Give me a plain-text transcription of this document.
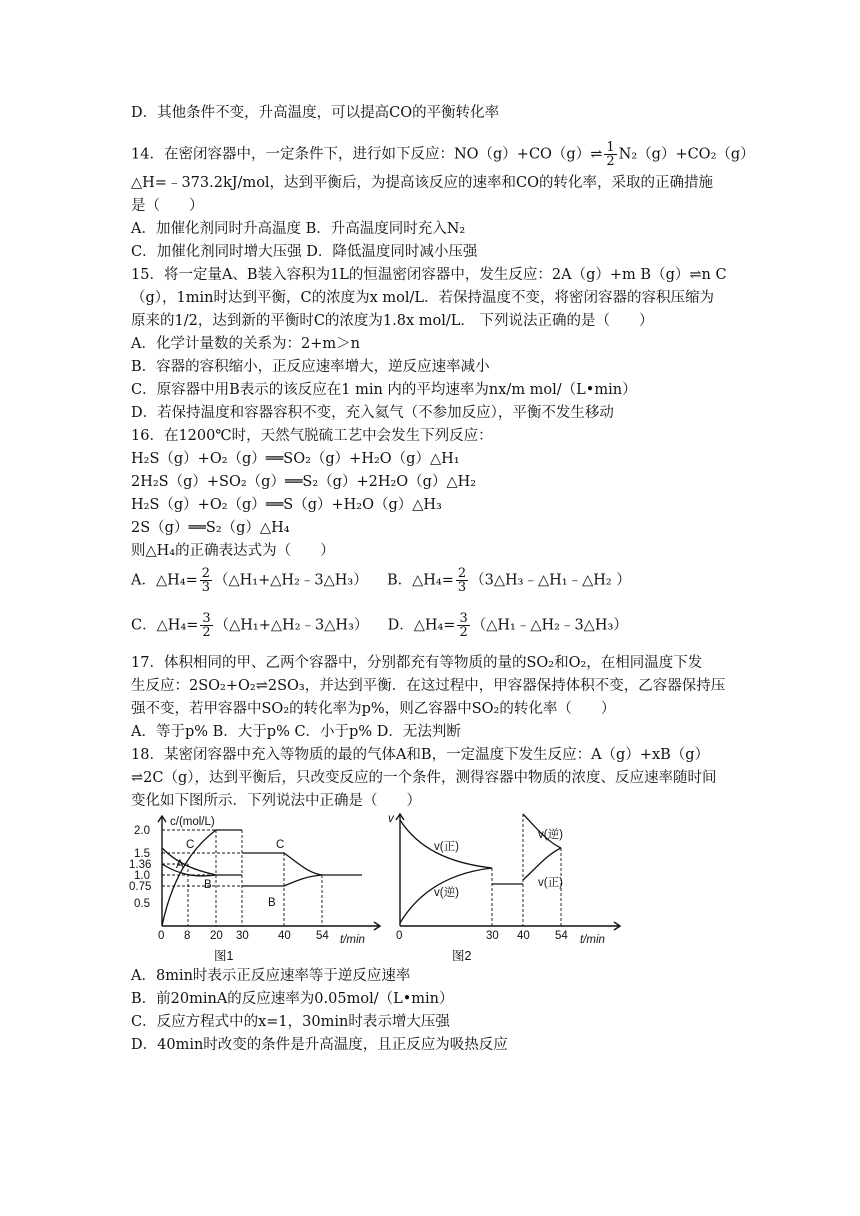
D．其他条件不变，升高温度，可以提高CO的平衡转化率
14．在密闭容器中，一定条件下，进行如下反应：NO（g）+CO（g）⇌ $\frac{1}{2} N_2(g)+CO_2(g)$
△H=﹣373.2kJ/mol，达到平衡后，为提高该反应的速率和CO的转化率，采取的正确措施
是（　　）
A．加催化剂同时升高温度 B．升高温度同时充入N₂
C．加催化剂同时增大压强 D．降低温度同时减小压强
15．将一定量A、B装入容积为1L的恒温密闭容器中，发生反应：2A（g）+m B（g）⇌n C
（g），1min时达到平衡，C的浓度为x mol/L．若保持温度不变，将密闭容器的容积压缩为
原来的1/2，达到新的平衡时C的浓度为1.8x mol/L． 下列说法正确的是（　　）
A．化学计量数的关系为：2+m＞n
B．容器的容积缩小，正反应速率增大，逆反应速率减小
C．原容器中用B表示的该反应在1 min 内的平均速率为nx/m mol/（L•min）
D．若保持温度和容器容积不变，充入氦气（不参加反应），平衡不发生移动
16．在1200℃时，天然气脱硫工艺中会发生下列反应：
H₂S（g）+O₂（g）══SO₂（g）+H₂O（g）△H₁
2H₂S（g）+SO₂（g）══S₂（g）+2H₂O（g）△H₂
H₂S（g）+O₂（g）══S（g）+H₂O（g）△H₃
2S（g）══S₂（g）△H₄
则△H₄的正确表达式为（　　）
A．△H₄= $\frac{2}{3}$ （△H₁+△H₂﹣3△H₃） B．△H₄= $\frac{2}{3}$ （3△H₃﹣△H₁﹣△H₂ ）
C．△H₄= $\frac{3}{2}$ （△H₁+△H₂﹣3△H₃） D．△H₄= $\frac{3}{2}$ （△H₁﹣△H₂﹣3△H₃）
17．体积相同的甲、乙两个容器中，分别都充有等物质的量的SO₂和O₂，在相同温度下发
生反应：2SO₂+O₂⇌2SO₃，并达到平衡．在这过程中，甲容器保持体积不变，乙容器保持压
强不变，若甲容器中SO₂的转化率为p%，则乙容器中SO₂的转化率（　　）
A．等于p% B．大于p% C．小于p% D．无法判断
18．某密闭容器中充入等物质的最的气体A和B，一定温度下发生反应：A（g）+xB（g）
⇌2C（g），达到平衡后，只改变反应的一个条件，测得容器中物质的浓度、反应速率随时间
变化如下图所示．下列说法中正确是（　　）
c/(mol/L)
t/min
2.0
1.5
1.36
1.0
0.75
0.5
0 8 20 30	40 54
C
A
B
C
B
图1
v
t/min
0	30 40 54
v(正)
v(逆)
v(逆)
v(正)
图2
A．8min时表示正反应速率等于逆反应速率
B．前20minA的反应速率为0.05mol/（L•min）
C．反应方程式中的x=1，30min时表示增大压强
D．40min时改变的条件是升高温度，且正反应为吸热反应
